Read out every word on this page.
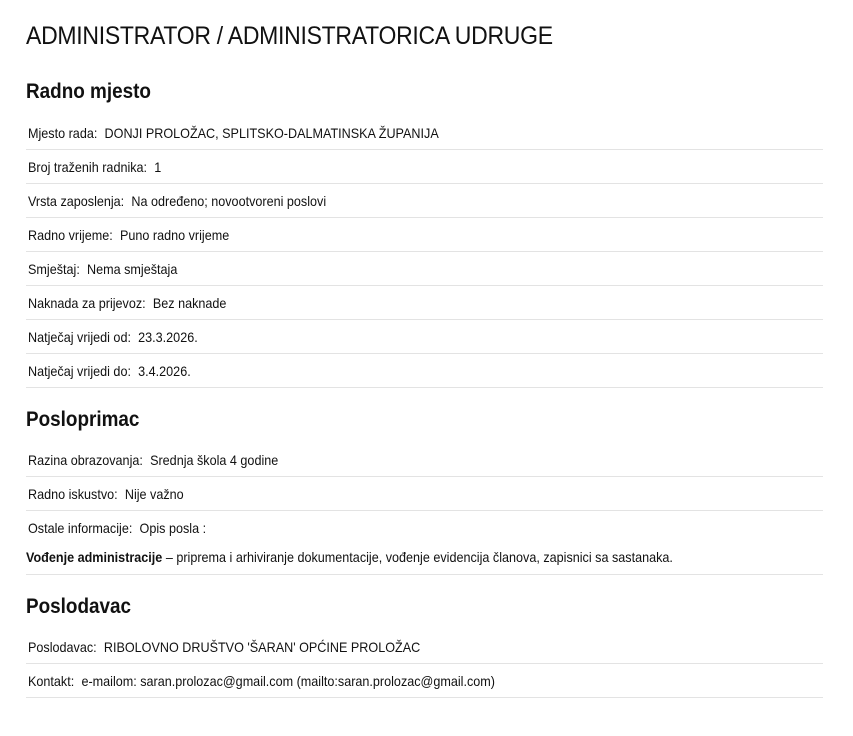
ADMINISTRATOR / ADMINISTRATORICA UDRUGE
Radno mjesto
Mjesto rada: DONJI PROLOŽAC, SPLITSKO-DALMATINSKA ŽUPANIJA
Broj traženih radnika: 1
Vrsta zaposlenja: Na određeno; novootvoreni poslovi
Radno vrijeme: Puno radno vrijeme
Smještaj: Nema smještaja
Naknada za prijevoz: Bez naknade
Natječaj vrijedi od: 23.3.2026.
Natječaj vrijedi do: 3.4.2026.
Posloprimac
Razina obrazovanja: Srednja škola 4 godine
Radno iskustvo: Nije važno
Ostale informacije: Opis posla :
Vođenje administracije – priprema i arhiviranje dokumentacije, vođenje evidencija članova, zapisnici sa sastanaka.
Poslodavac
Poslodavac: RIBOLOVNO DRUŠTVO 'ŠARAN' OPĆINE PROLOŽAC
Kontakt: e-mailom: saran.prolozac@gmail.com (mailto:saran.prolozac@gmail.com)
